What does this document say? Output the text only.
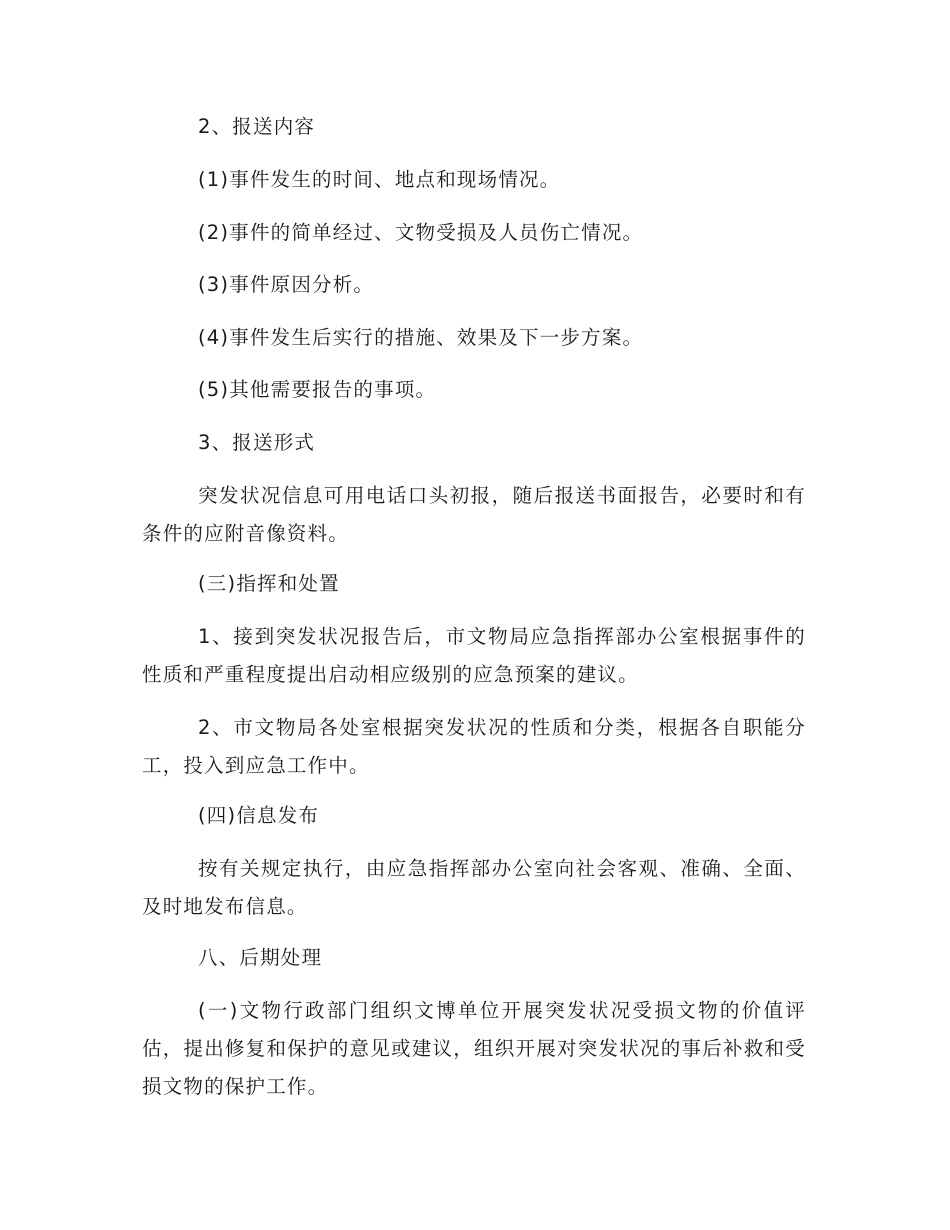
2、报送内容

(1)事件发生的时间、地点和现场情况。

(2)事件的简单经过、文物受损及人员伤亡情况。

(3)事件原因分析。

(4)事件发生后实行的措施、效果及下一步方案。

(5)其他需要报告的事项。

3、报送形式

突发状况信息可用电话口头初报，随后报送书面报告，必要时和有条件的应附音像资料。

(三)指挥和处置

1、接到突发状况报告后，市文物局应急指挥部办公室根据事件的性质和严重程度提出启动相应级别的应急预案的建议。

2、市文物局各处室根据突发状况的性质和分类，根据各自职能分工，投入到应急工作中。

(四)信息发布

按有关规定执行，由应急指挥部办公室向社会客观、准确、全面、及时地发布信息。

八、后期处理

(一)文物行政部门组织文博单位开展突发状况受损文物的价值评估，提出修复和保护的意见或建议，组织开展对突发状况的事后补救和受损文物的保护工作。
